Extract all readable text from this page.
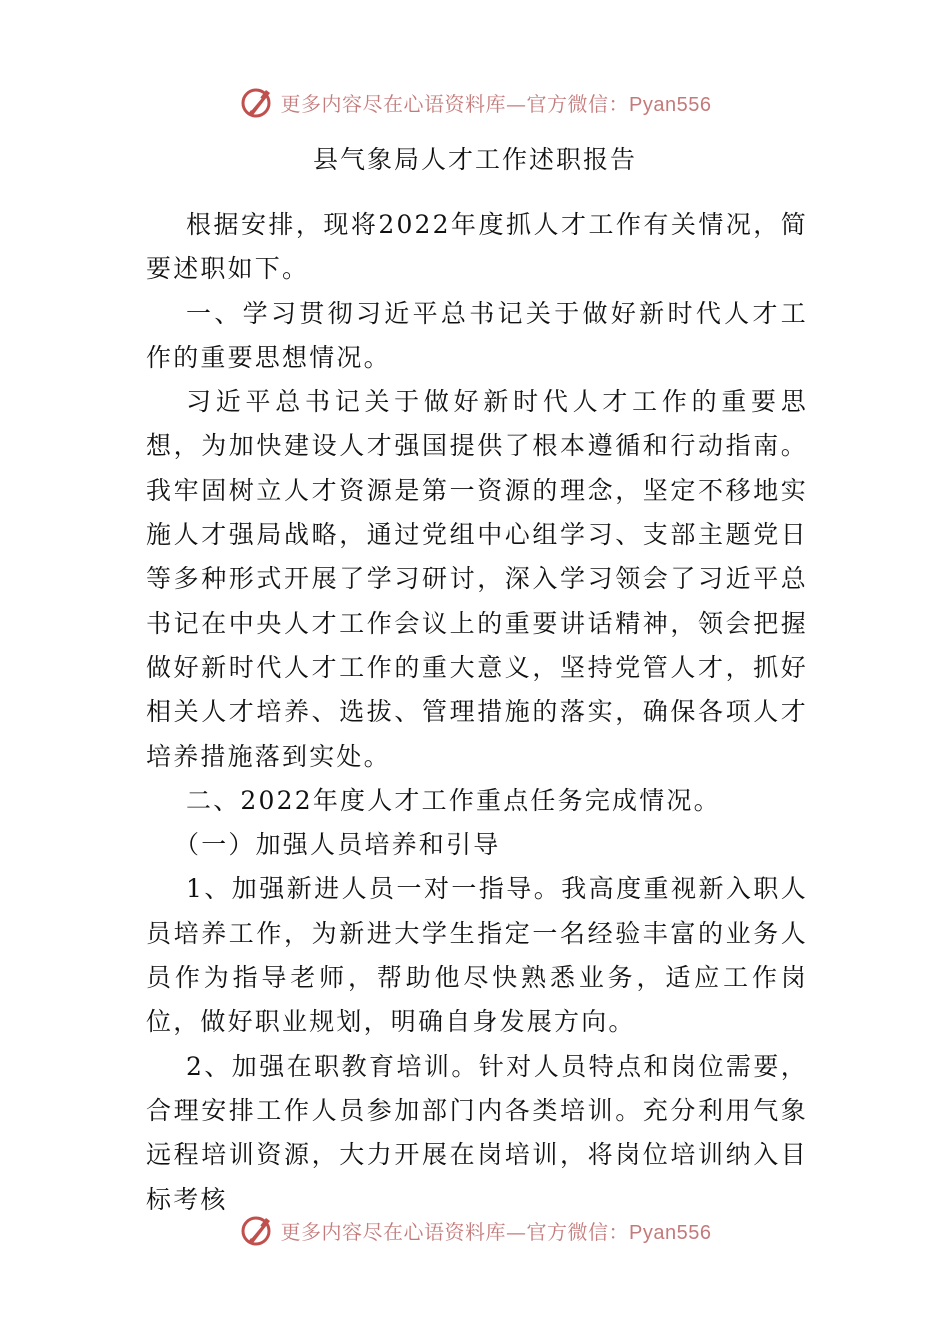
更多内容尽在心语资料库—官方微信：Pyan556
县气象局人才工作述职报告

根据安排，现将2022年度抓人才工作有关情况，简要述职如下。

一、学习贯彻习近平总书记关于做好新时代人才工作的重要思想情况。

习近平总书记关于做好新时代人才工作的重要思想，为加快建设人才强国提供了根本遵循和行动指南。我牢固树立人才资源是第一资源的理念，坚定不移地实施人才强局战略，通过党组中心组学习、支部主题党日等多种形式开展了学习研讨，深入学习领会了习近平总书记在中央人才工作会议上的重要讲话精神，领会把握做好新时代人才工作的重大意义，坚持党管人才，抓好相关人才培养、选拔、管理措施的落实，确保各项人才培养措施落到实处。

二、2022年度人才工作重点任务完成情况。

（一）加强人员培养和引导

1、加强新进人员一对一指导。我高度重视新入职人员培养工作，为新进大学生指定一名经验丰富的业务人员作为指导老师，帮助他尽快熟悉业务，适应工作岗位，做好职业规划，明确自身发展方向。

2、加强在职教育培训。针对人员特点和岗位需要，合理安排工作人员参加部门内各类培训。充分利用气象远程培训资源，大力开展在岗培训，将岗位培训纳入目标考核

更多内容尽在心语资料库—官方微信：Pyan556
